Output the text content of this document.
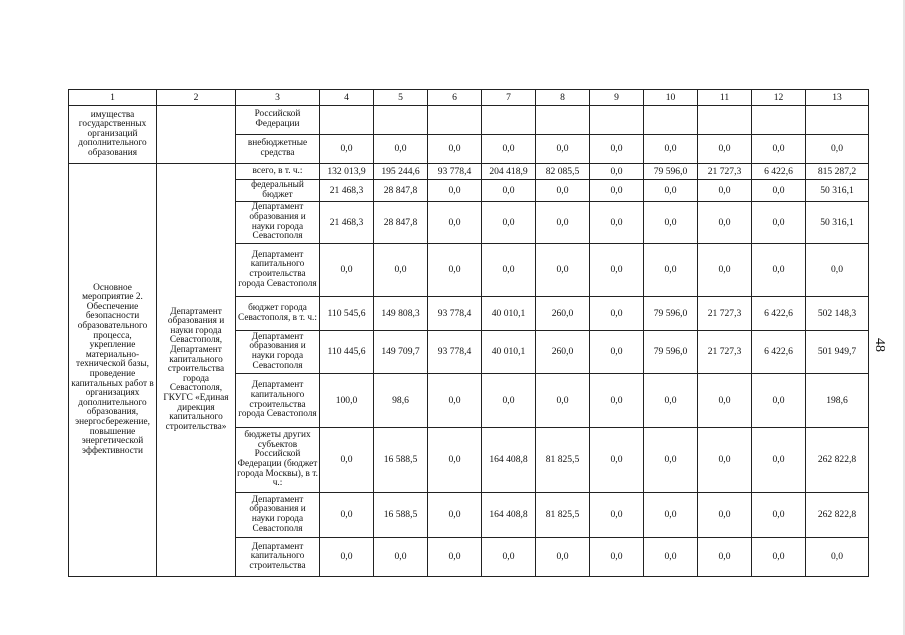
1	2	3	4	5	6	7	8	9	10	11	12	13
имущества государственных организаций дополнительного образования		Российской Федерации										
		внебюджетные средства	0,0	0,0	0,0	0,0	0,0	0,0	0,0	0,0	0,0	0,0
Основное мероприятие 2. Обеспечение безопасности образовательного процесса, укрепление материально-технической базы, проведение капитальных работ в организациях дополнительного образования, энергосбережение, повышение энергетической эффективности	Департамент образования и науки города Севастополя, Департамент капитального строительства города Севастополя, ГКУГС «Единая дирекция капитального строительства»	всего, в т. ч.:	132 013,9	195 244,6	93 778,4	204 418,9	82 085,5	0,0	79 596,0	21 727,3	6 422,6	815 287,2
		федеральный бюджет	21 468,3	28 847,8	0,0	0,0	0,0	0,0	0,0	0,0	0,0	50 316,1
		Департамент образования и науки города Севастополя	21 468,3	28 847,8	0,0	0,0	0,0	0,0	0,0	0,0	0,0	50 316,1
		Департамент капитального строительства города Севастополя	0,0	0,0	0,0	0,0	0,0	0,0	0,0	0,0	0,0	0,0
		бюджет города Севастополя, в т. ч.:	110 545,6	149 808,3	93 778,4	40 010,1	260,0	0,0	79 596,0	21 727,3	6 422,6	502 148,3
		Департамент образования и науки города Севастополя	110 445,6	149 709,7	93 778,4	40 010,1	260,0	0,0	79 596,0	21 727,3	6 422,6	501 949,7
		Департамент капитального строительства города Севастополя	100,0	98,6	0,0	0,0	0,0	0,0	0,0	0,0	0,0	198,6
		бюджеты других субъектов Российской Федерации (бюджет города Москвы), в т. ч.:	0,0	16 588,5	0,0	164 408,8	81 825,5	0,0	0,0	0,0	0,0	262 822,8
		Департамент образования и науки города Севастополя	0,0	16 588,5	0,0	164 408,8	81 825,5	0,0	0,0	0,0	0,0	262 822,8
		Департамент капитального строительства	0,0	0,0	0,0	0,0	0,0	0,0	0,0	0,0	0,0	0,0
48
